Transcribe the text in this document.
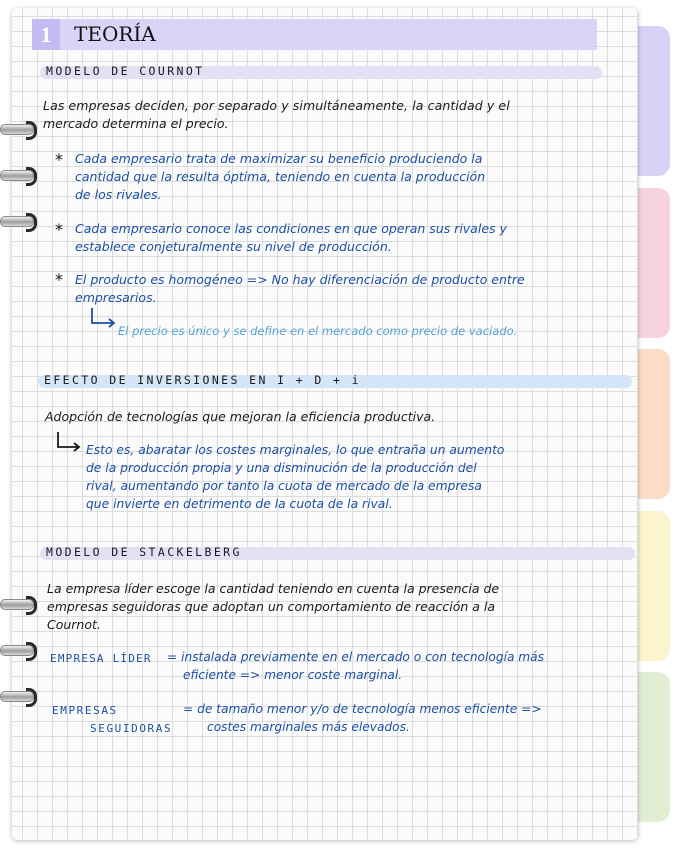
1	TEORÍA
MODELO DE COURNOT
Las empresas deciden, por separado y simultáneamente, la cantidad y el
mercado determina el precio.
* Cada empresario trata de maximizar su beneficio produciendo la
cantidad que la resulta óptima, teniendo en cuenta la producción
de los rivales.
* Cada empresario conoce las condiciones en que operan sus rivales y
establece conjeturalmente su nivel de producción.
* El producto es homogéneo => No hay diferenciación de producto entre
empresarios.
El precio es único y se define en el mercado como precio de vaciado.
EFECTO DE INVERSIONES EN I + D + i
Adopción de tecnologías que mejoran la eficiencia productiva.
Esto es, abaratar los costes marginales, lo que entraña un aumento
de la producción propia y una disminución de la producción del
rival, aumentando por tanto la cuota de mercado de la empresa
que invierte en detrimento de la cuota de la rival.
MODELO DE STACKELBERG
La empresa líder escoge la cantidad teniendo en cuenta la presencia de
empresas seguidoras que adoptan un comportamiento de reacción a la
Cournot.
EMPRESA LÍDER = instalada previamente en el mercado o con tecnología más
eficiente => menor coste marginal.
EMPRESAS
SEGUIDORAS
= de tamaño menor y/o de tecnología menos eficiente =>
costes marginales más elevados.
